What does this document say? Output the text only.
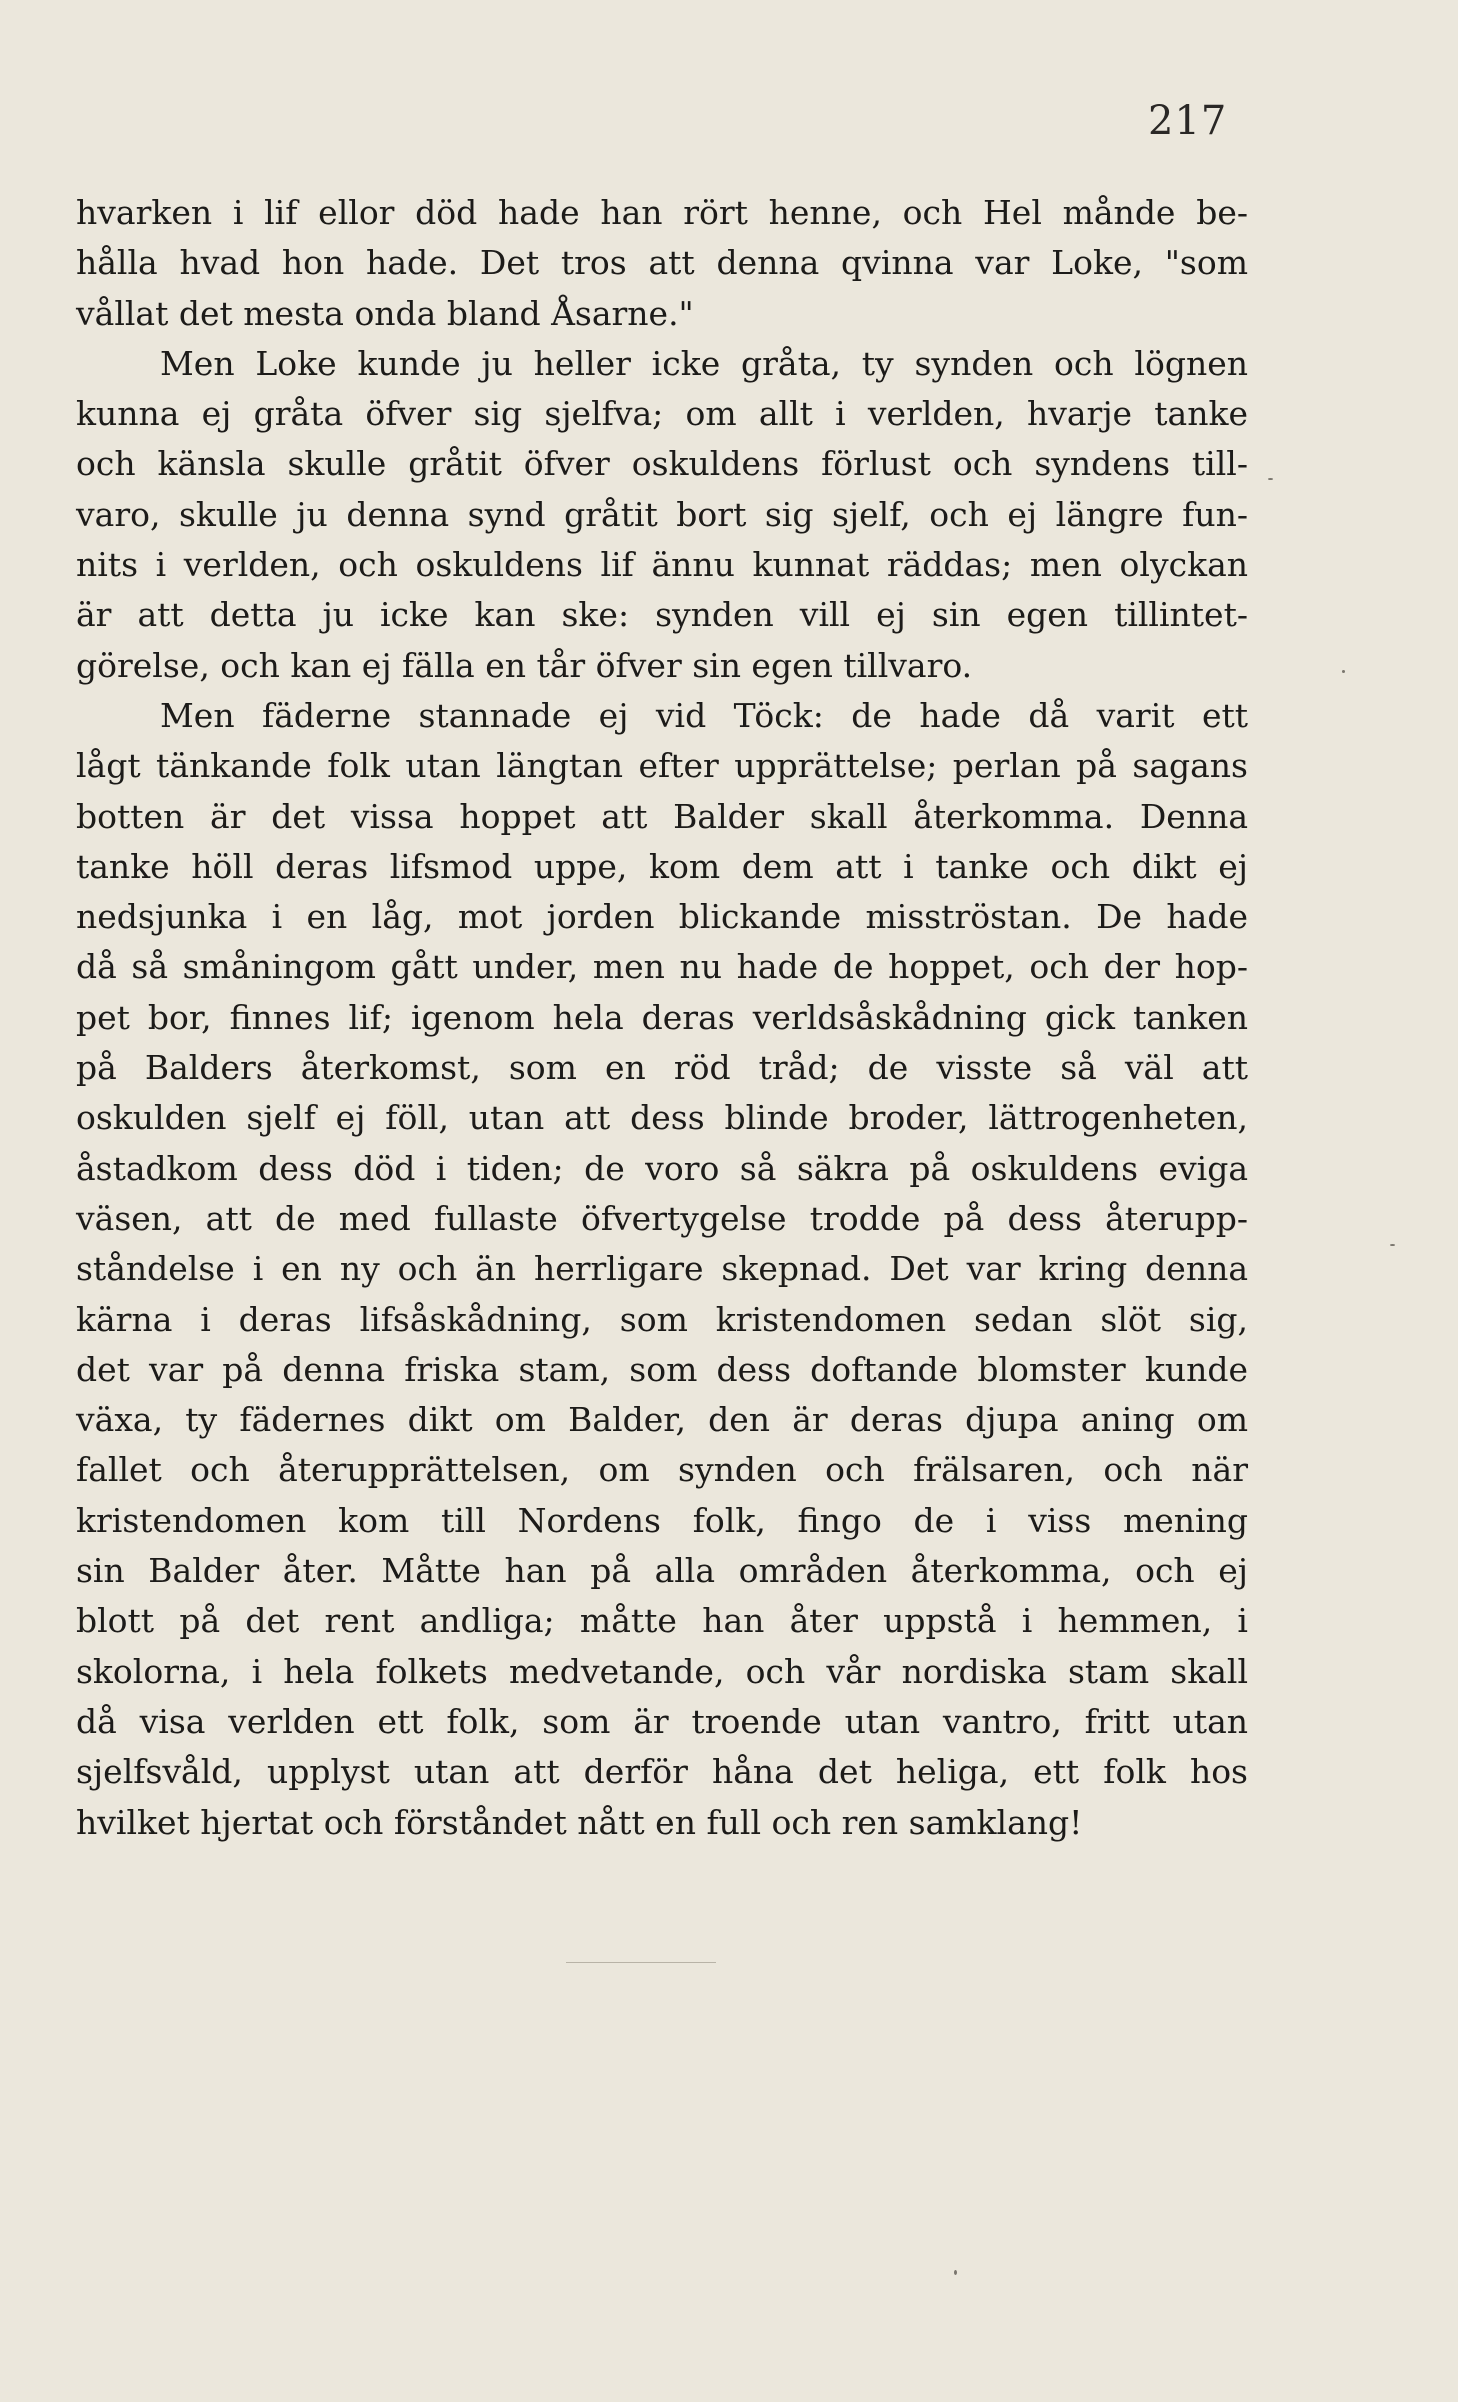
217
hvarken i lif ellor död hade han rört henne, och Hel månde be-
hålla hvad hon hade. Det tros att denna qvinna var Loke, "som
vållat det mesta onda bland Åsarne."
Men Loke kunde ju heller icke gråta, ty synden och lögnen
kunna ej gråta öfver sig sjelfva; om allt i verlden, hvarje tanke
och känsla skulle gråtit öfver oskuldens förlust och syndens till-
varo, skulle ju denna synd gråtit bort sig sjelf, och ej längre fun-
nits i verlden, och oskuldens lif ännu kunnat räddas; men olyckan
är att detta ju icke kan ske: synden vill ej sin egen tillintet-
görelse, och kan ej fälla en tår öfver sin egen tillvaro.
Men fäderne stannade ej vid Töck: de hade då varit ett
lågt tänkande folk utan längtan efter upprättelse; perlan på sagans
botten är det vissa hoppet att Balder skall återkomma. Denna
tanke höll deras lifsmod uppe, kom dem att i tanke och dikt ej
nedsjunka i en låg, mot jorden blickande misströstan. De hade
då så småningom gått under, men nu hade de hoppet, och der hop-
pet bor, finnes lif; igenom hela deras verldsåskådning gick tanken
på Balders återkomst, som en röd tråd; de visste så väl att
oskulden sjelf ej föll, utan att dess blinde broder, lättrogenheten,
åstadkom dess död i tiden; de voro så säkra på oskuldens eviga
väsen, att de med fullaste öfvertygelse trodde på dess återupp-
ståndelse i en ny och än herrligare skepnad. Det var kring denna
kärna i deras lifsåskådning, som kristendomen sedan slöt sig,
det var på denna friska stam, som dess doftande blomster kunde
växa, ty fädernes dikt om Balder, den är deras djupa aning om
fallet och återupprättelsen, om synden och frälsaren, och när
kristendomen kom till Nordens folk, fingo de i viss mening
sin Balder åter. Måtte han på alla områden återkomma, och ej
blott på det rent andliga; måtte han åter uppstå i hemmen, i
skolorna, i hela folkets medvetande, och vår nordiska stam skall
då visa verlden ett folk, som är troende utan vantro, fritt utan
sjelfsvåld, upplyst utan att derför håna det heliga, ett folk hos
hvilket hjertat och förståndet nått en full och ren samklang!
